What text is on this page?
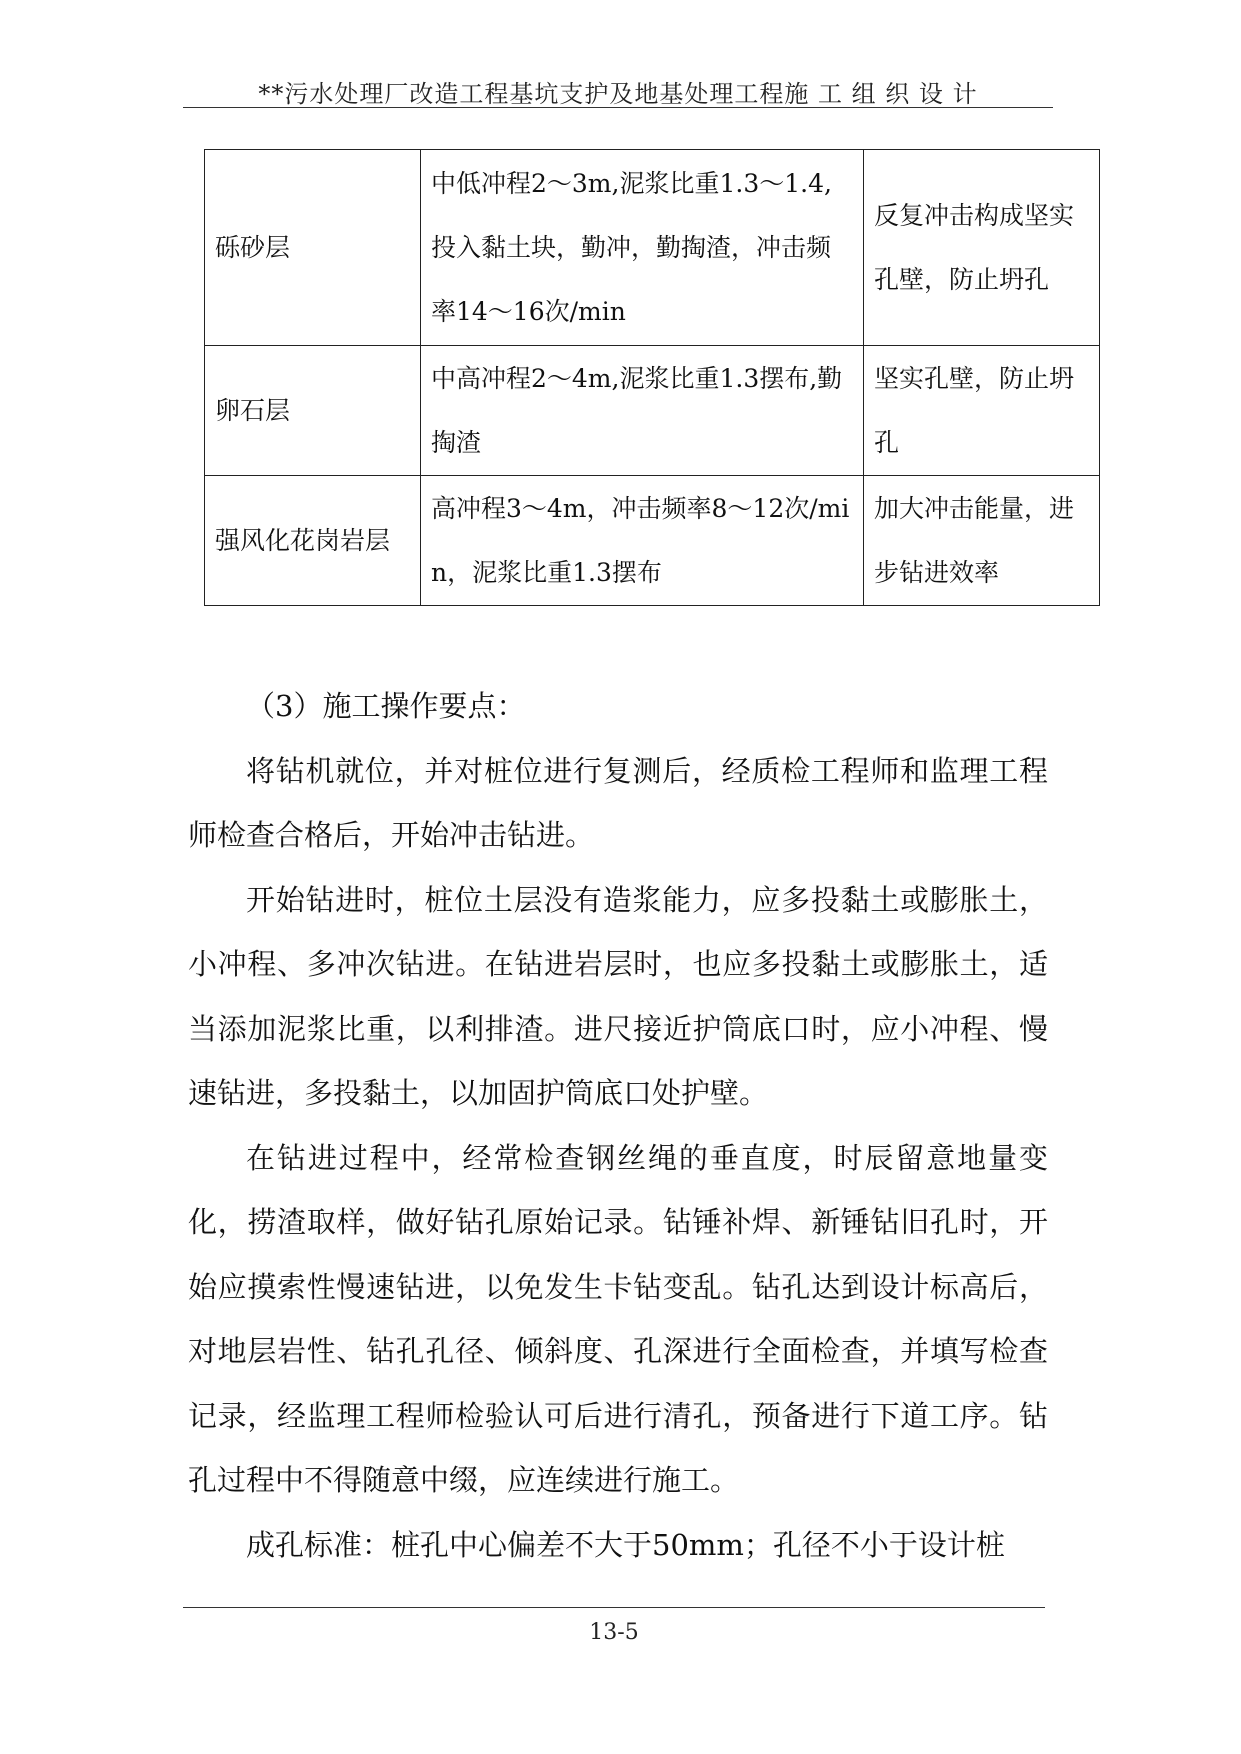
**污水处理厂改造工程基坑支护及地基处理工程施 工 组 织 设 计
砾砂层	中低冲程2～3m,泥浆比重1.3～1.4,投入黏土块，勤冲，勤掏渣，冲击频率14～16次/min	反复冲击构成坚实孔壁，防止坍孔
卵石层	中高冲程2～4m,泥浆比重1.3摆布,勤掏渣	坚实孔壁，防止坍孔
强风化花岗岩层	高冲程3～4m，冲击频率8～12次/min，泥浆比重1.3摆布	加大冲击能量，进步钻进效率

（3）施工操作要点：

将钻机就位，并对桩位进行复测后，经质检工程师和监理工程师检查合格后，开始冲击钻进。

开始钻进时，桩位土层没有造浆能力，应多投黏土或膨胀土，小冲程、多冲次钻进。在钻进岩层时，也应多投黏土或膨胀土，适当添加泥浆比重，以利排渣。进尺接近护筒底口时，应小冲程、慢速钻进，多投黏土，以加固护筒底口处护壁。

在钻进过程中，经常检查钢丝绳的垂直度，时辰留意地量变化，捞渣取样，做好钻孔原始记录。钻锤补焊、新锤钻旧孔时，开始应摸索性慢速钻进，以免发生卡钻变乱。钻孔达到设计标高后，对地层岩性、钻孔孔径、倾斜度、孔深进行全面检查，并填写检查记录，经监理工程师检验认可后进行清孔，预备进行下道工序。钻孔过程中不得随意中缀，应连续进行施工。

成孔标准：桩孔中心偏差不大于50mm；孔径不小于设计桩

13-5
